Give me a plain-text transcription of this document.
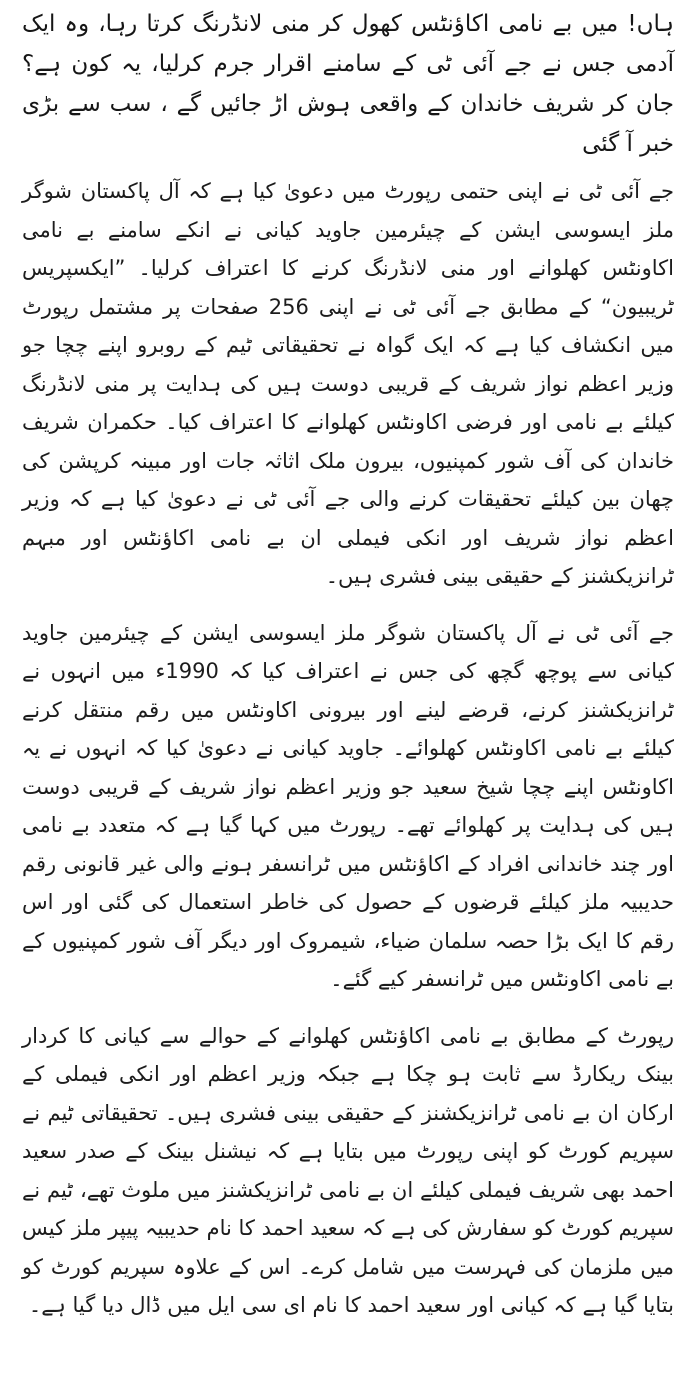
ہاں! میں بے نامی اکاؤنٹس کھول کر منی لانڈرنگ کرتا رہا، وہ ایک آدمی جس نے جے آئی ٹی کے سامنے اقرار جرم کرلیا، یہ کون ہے؟ جان کر شریف خاندان کے واقعی ہوش اڑ جائیں گے ، سب سے بڑی خبر آ گئی

جے آئی ٹی نے اپنی حتمی رپورٹ میں دعویٰ کیا ہے کہ آل پاکستان شوگر ملز ایسوسی ایشن کے چیئرمین جاوید کیانی نے انکے سامنے بے نامی اکاونٹس کھلوانے اور منی لانڈرنگ کرنے کا اعتراف کرلیا۔ ”ایکسپریس ٹریبیون“ کے مطابق جے آئی ٹی نے اپنی 256 صفحات پر مشتمل رپورٹ میں انکشاف کیا ہے کہ ایک گواہ نے تحقیقاتی ٹیم کے روبرو اپنے چچا جو وزیر اعظم نواز شریف کے قریبی دوست ہیں کی ہدایت پر منی لانڈرنگ کیلئے بے نامی اور فرضی اکاونٹس کھلوانے کا اعتراف کیا۔ حکمران شریف خاندان کی آف شور کمپنیوں، بیرون ملک اثاثہ جات اور مبینہ کرپشن کی چھان بین کیلئے تحقیقات کرنے والی جے آئی ٹی نے دعویٰ کیا ہے کہ وزیر اعظم نواز شریف اور انکی فیملی ان بے نامی اکاؤنٹس اور مبہم ٹرانزیکشنز کے حقیقی بینی فشری ہیں۔

جے آئی ٹی نے آل پاکستان شوگر ملز ایسوسی ایشن کے چیئرمین جاوید کیانی سے پوچھ گچھ کی جس نے اعتراف کیا کہ 1990ء میں انہوں نے ٹرانزیکشنز کرنے، قرضے لینے اور بیرونی اکاونٹس میں رقم منتقل کرنے کیلئے بے نامی اکاونٹس کھلوائے۔ جاوید کیانی نے دعویٰ کیا کہ انہوں نے یہ اکاونٹس اپنے چچا شیخ سعید جو وزیر اعظم نواز شریف کے قریبی دوست ہیں کی ہدایت پر کھلوائے تھے۔ رپورٹ میں کہا گیا ہے کہ متعدد بے نامی اور چند خاندانی افراد کے اکاؤنٹس میں ٹرانسفر ہونے والی غیر قانونی رقم حدیبیہ ملز کیلئے قرضوں کے حصول کی خاطر استعمال کی گئی اور اس رقم کا ایک بڑا حصہ سلمان ضیاء، شیمروک اور دیگر آف شور کمپنیوں کے بے نامی اکاونٹس میں ٹرانسفر کیے گئے۔

رپورٹ کے مطابق بے نامی اکاؤنٹس کھلوانے کے حوالے سے کیانی کا کردار بینک ریکارڈ سے ثابت ہو چکا ہے جبکہ وزیر اعظم اور انکی فیملی کے ارکان ان بے نامی ٹرانزیکشنز کے حقیقی بینی فشری ہیں۔ تحقیقاتی ٹیم نے سپریم کورٹ کو اپنی رپورٹ میں بتایا ہے کہ نیشنل بینک کے صدر سعید احمد بھی شریف فیملی کیلئے ان بے نامی ٹرانزیکشنز میں ملوث تھے، ٹیم نے سپریم کورٹ کو سفارش کی ہے کہ سعید احمد کا نام حدیبیہ پیپر ملز کیس میں ملزمان کی فہرست میں شامل کرے۔ اس کے علاوہ سپریم کورٹ کو بتایا گیا ہے کہ کیانی اور سعید احمد کا نام ای سی ایل میں ڈال دیا گیا ہے۔
